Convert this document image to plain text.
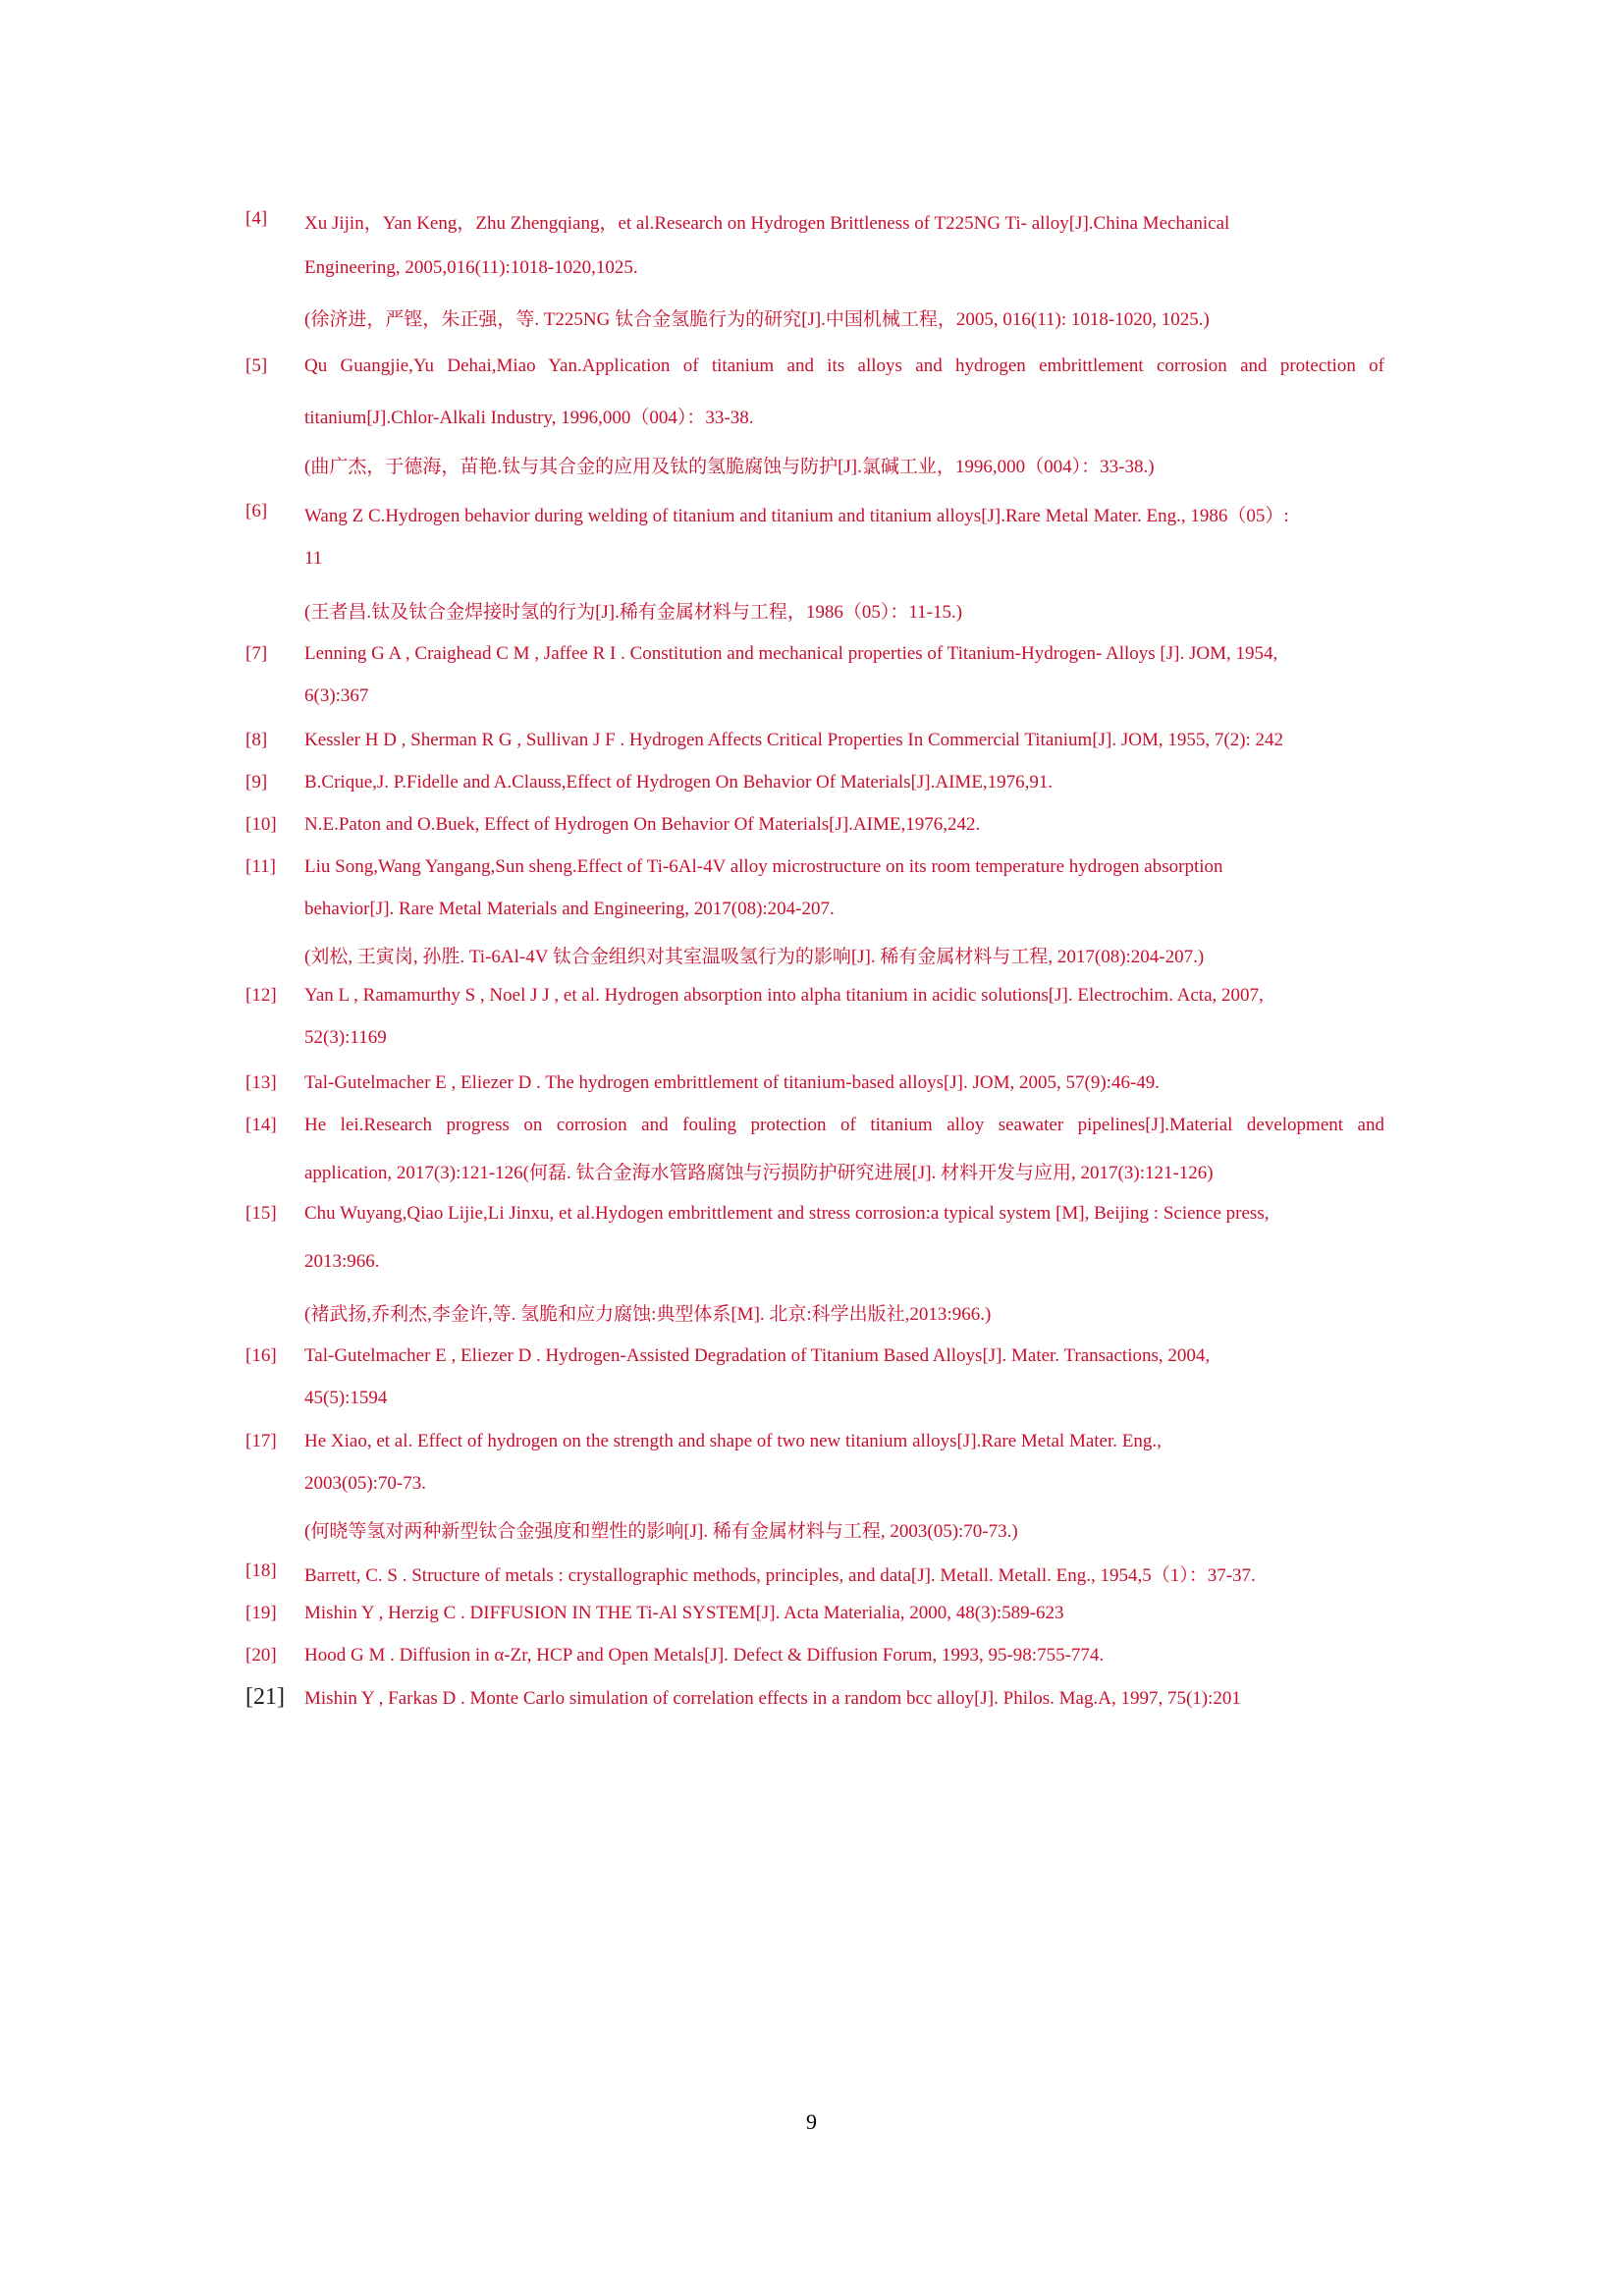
[4] Xu Jijin，Yan Keng，Zhu Zhengqiang，et al.Research on Hydrogen Brittleness of T225NG Ti- alloy[J].China Mechanical
Engineering, 2005,016(11):1018-1020,1025.
(徐济进，严铿，朱正强，等. T225NG 钛合金氢脆行为的研究[J].中国机械工程，2005, 016(11): 1018-1020, 1025.)
[5] Qu Guangjie,Yu Dehai,Miao Yan.Application of titanium and its alloys and hydrogen embrittlement corrosion and protection of
titanium[J].Chlor-Alkali Industry, 1996,000（004）：33-38.
(曲广杰，于德海，苗艳.钛与其合金的应用及钛的氢脆腐蚀与防护[J].氯碱工业，1996,000（004）：33-38.)
[6] Wang Z C.Hydrogen behavior during welding of titanium and titanium and titanium alloys[J].Rare Metal Mater. Eng., 1986（05）:
11
(王者昌.钛及钛合金焊接时氢的行为[J].稀有金属材料与工程，1986（05）：11-15.)
[7] Lenning G A , Craighead C M , Jaffee R I . Constitution and mechanical properties of Titanium-Hydrogen- Alloys [J]. JOM, 1954,
6(3):367
[8] Kessler H D , Sherman R G , Sullivan J F . Hydrogen Affects Critical Properties In Commercial Titanium[J]. JOM, 1955, 7(2): 242
[9] B.Crique,J. P.Fidelle and A.Clauss,Effect of Hydrogen On Behavior Of Materials[J].AIME,1976,91.
[10] N.E.Paton and O.Buek, Effect of Hydrogen On Behavior Of Materials[J].AIME,1976,242.
[11] Liu Song,Wang Yangang,Sun sheng.Effect of Ti-6Al-4V alloy microstructure on its room temperature hydrogen absorption
behavior[J]. Rare Metal Materials and Engineering, 2017(08):204-207.
(刘松, 王寅岗, 孙胜. Ti-6Al-4V 钛合金组织对其室温吸氢行为的影响[J]. 稀有金属材料与工程, 2017(08):204-207.)
[12] Yan L , Ramamurthy S , Noel J J , et al. Hydrogen absorption into alpha titanium in acidic solutions[J]. Electrochim. Acta, 2007,
52(3):1169
[13] Tal-Gutelmacher E , Eliezer D . The hydrogen embrittlement of titanium-based alloys[J]. JOM, 2005, 57(9):46-49.
[14] He lei.Research progress on corrosion and fouling protection of titanium alloy seawater pipelines[J].Material development and
application, 2017(3):121-126(何磊. 钛合金海水管路腐蚀与污损防护研究进展[J]. 材料开发与应用, 2017(3):121-126)
[15] Chu Wuyang,Qiao Lijie,Li Jinxu, et al.Hydogen embrittlement and stress corrosion:a typical system [M], Beijing : Science press,
2013:966.
(褚武扬,乔利杰,李金许,等. 氢脆和应力腐蚀:典型体系[M]. 北京:科学出版社,2013:966.)
[16] Tal-Gutelmacher E , Eliezer D . Hydrogen-Assisted Degradation of Titanium Based Alloys[J]. Mater. Transactions, 2004,
45(5):1594
[17] He Xiao, et al. Effect of hydrogen on the strength and shape of two new titanium alloys[J].Rare Metal Mater. Eng.,
2003(05):70-73.
(何晓等氢对两种新型钛合金强度和塑性的影响[J]. 稀有金属材料与工程, 2003(05):70-73.)
[18] Barrett, C. S . Structure of metals : crystallographic methods, principles, and data[J]. Metall. Metall. Eng., 1954,5（1）：37-37.
[19] Mishin Y , Herzig C . DIFFUSION IN THE Ti-Al SYSTEM[J]. Acta Materialia, 2000, 48(3):589-623
[20] Hood G M . Diffusion in α-Zr, HCP and Open Metals[J]. Defect & Diffusion Forum, 1993, 95-98:755-774.
[21] Mishin Y , Farkas D . Monte Carlo simulation of correlation effects in a random bcc alloy[J]. Philos. Mag.A, 1997, 75(1):201
9
